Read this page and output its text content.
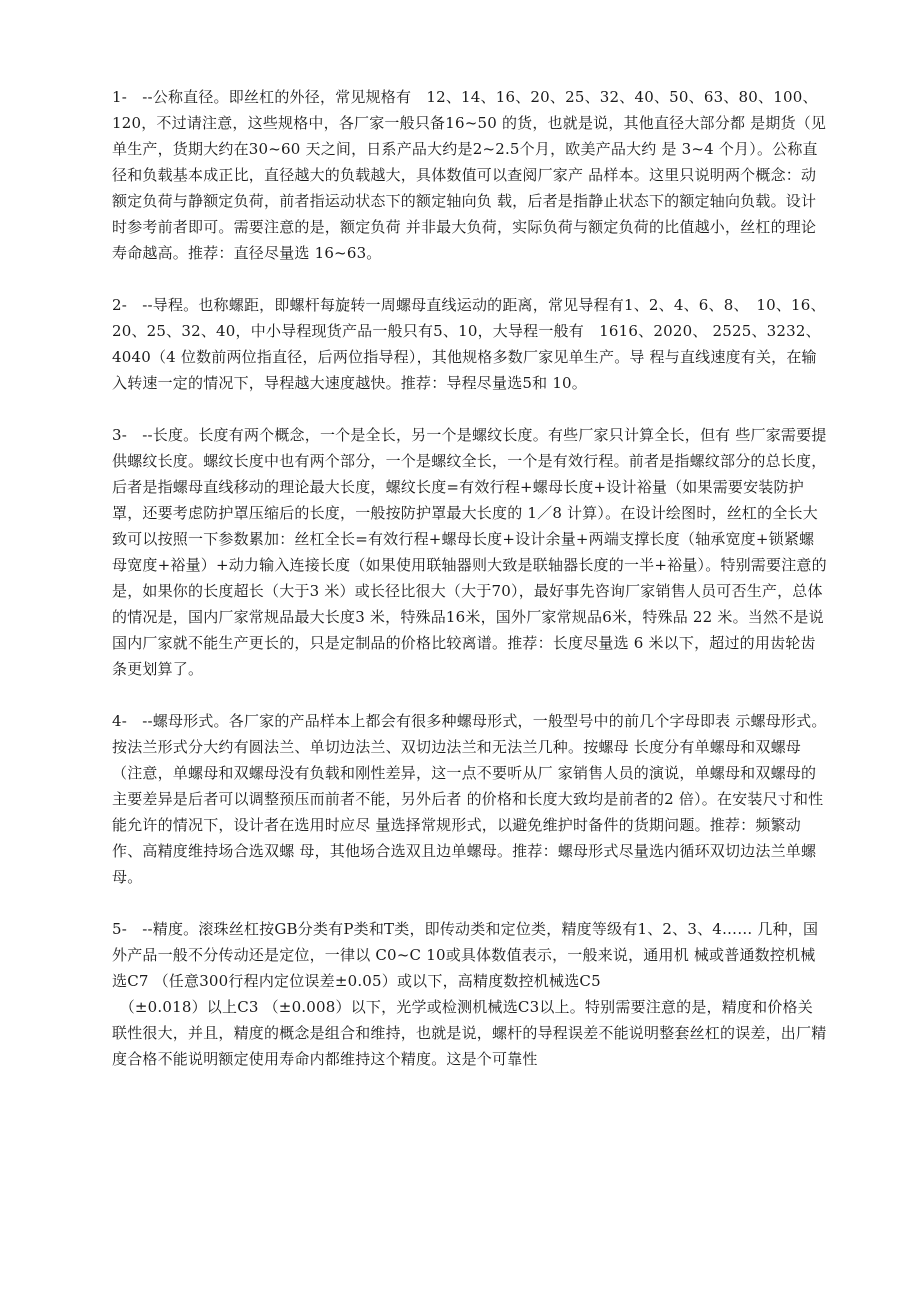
1-　--公称直径。即丝杠的外径，常见规格有　12、14、16、20、25、32、40、50、63、80、100、 120，不过请注意，这些规格中，各厂家一般只备16~50 的货，也就是说，其他直径大部分都 是期货（见单生产，货期大约在30~60 天之间，日系产品大约是2~2.5个月，欧美产品大约 是 3~4 个月）。公称直径和负载基本成正比，直径越大的负载越大，具体数值可以查阅厂家产 品样本。这里只说明两个概念：动额定负荷与静额定负荷，前者指运动状态下的额定轴向负 载，后者是指静止状态下的额定轴向负载。设计时参考前者即可。需要注意的是，额定负荷 并非最大负荷，实际负荷与额定负荷的比值越小，丝杠的理论寿命越高。推荐：直径尽量选 16~63。

2-　--导程。也称螺距，即螺杆每旋转一周螺母直线运动的距离，常见导程有1、2、4、6、8、　10、16、20、25、32、40，中小导程现货产品一般只有5、10，大导程一般有　1616、2020、 2525、3232、4040（4 位数前两位指直径，后两位指导程），其他规格多数厂家见单生产。导 程与直线速度有关，在输入转速一定的情况下，导程越大速度越快。推荐：导程尽量选5和 10。

3-　--长度。长度有两个概念，一个是全长，另一个是螺纹长度。有些厂家只计算全长，但有 些厂家需要提供螺纹长度。螺纹长度中也有两个部分，一个是螺纹全长，一个是有效行程。前者是指螺纹部分的总长度，后者是指螺母直线移动的理论最大长度，螺纹长度=有效行程+螺母长度+设计裕量（如果需要安装防护罩，还要考虑防护罩压缩后的长度，一般按防护罩最大长度的 1／8 计算）。在设计绘图时，丝杠的全长大致可以按照一下参数累加：丝杠全长=有效行程+螺母长度+设计余量+两端支撑长度（轴承宽度+锁紧螺母宽度+裕量）+动力输入连接长度（如果使用联轴器则大致是联轴器长度的一半+裕量）。特别需要注意的是，如果你的长度超长（大于3 米）或长径比很大（大于70），最好事先咨询厂家销售人员可否生产，总体的情况是，国内厂家常规品最大长度3 米，特殊品16米，国外厂家常规品6米，特殊品 22 米。当然不是说国内厂家就不能生产更长的，只是定制品的价格比较离谱。推荐：长度尽量选 6 米以下，超过的用齿轮齿条更划算了。

4-　--螺母形式。各厂家的产品样本上都会有很多种螺母形式，一般型号中的前几个字母即表 示螺母形式。按法兰形式分大约有圆法兰、单切边法兰、双切边法兰和无法兰几种。按螺母 长度分有单螺母和双螺母（注意，单螺母和双螺母没有负载和刚性差异，这一点不要听从厂 家销售人员的演说，单螺母和双螺母的主要差异是后者可以调整预压而前者不能，另外后者 的价格和长度大致均是前者的2 倍）。在安装尺寸和性能允许的情况下，设计者在选用时应尽 量选择常规形式，以避免维护时备件的货期问题。推荐：频繁动作、高精度维持场合选双螺 母，其他场合选双且边单螺母。推荐：螺母形式尽量选内循环双切边法兰单螺母。

5-　--精度。滚珠丝杠按GB分类有P类和T类，即传动类和定位类，精度等级有1、2、3、4…… 几种，国外产品一般不分传动还是定位，一律以 C0~C 10或具体数值表示，一般来说，通用机 械或普通数控机械选C7 （任意300行程内定位误差±0.05）或以下，高精度数控机械选C5
　（±0.018）以上C3 （±0.008）以下，光学或检测机械选C3以上。特别需要注意的是，精度和价格关联性很大，并且，精度的概念是组合和维持，也就是说，螺杆的导程误差不能说明整套丝杠的误差，出厂精度合格不能说明额定使用寿命内都维持这个精度。这是个可靠性
